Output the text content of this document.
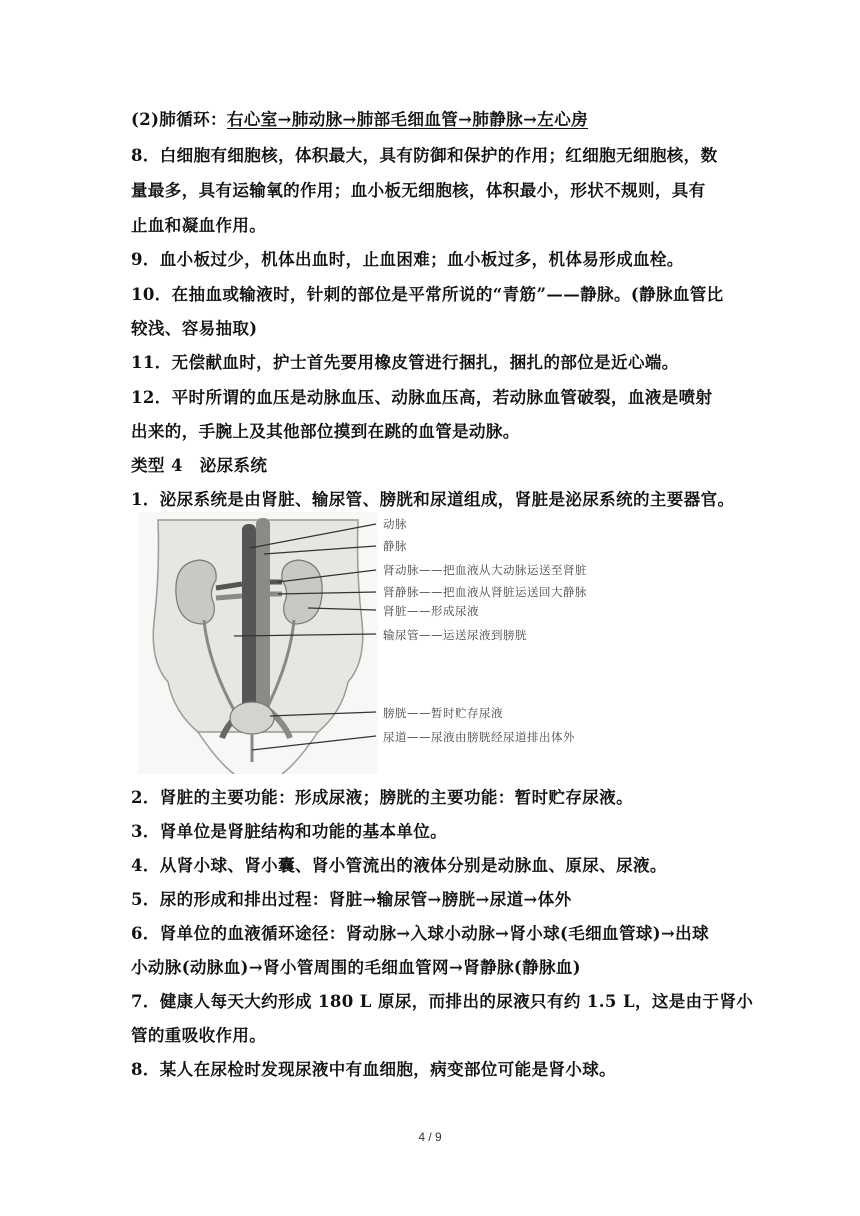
(2)肺循环：右心室→肺动脉→肺部毛细血管→肺静脉→左心房
8．白细胞有细胞核，体积最大，具有防御和保护的作用；红细胞无细胞核，数
量最多，具有运输氧的作用；血小板无细胞核，体积最小，形状不规则，具有
止血和凝血作用。
9．血小板过少，机体出血时，止血困难；血小板过多，机体易形成血栓。
10．在抽血或输液时，针刺的部位是平常所说的“青筋”——静脉。(静脉血管比
较浅、容易抽取)
11．无偿献血时，护士首先要用橡皮管进行捆扎，捆扎的部位是近心端。
12．平时所谓的血压是动脉血压、动脉血压高，若动脉血管破裂，血液是喷射
出来的，手腕上及其他部位摸到在跳的血管是动脉。
类型 4　泌尿系统
1．泌尿系统是由肾脏、输尿管、膀胱和尿道组成，肾脏是泌尿系统的主要器官。
动脉
静脉
肾动脉——把血液从大动脉运送至肾脏
肾静脉——把血液从肾脏运送回大静脉
肾脏——形成尿液
输尿管——运送尿液到膀胱
膀胱——暂时贮存尿液
尿道——尿液由膀胱经尿道排出体外
2．肾脏的主要功能：形成尿液；膀胱的主要功能：暂时贮存尿液。
3．肾单位是肾脏结构和功能的基本单位。
4．从肾小球、肾小囊、肾小管流出的液体分别是动脉血、原尿、尿液。
5．尿的形成和排出过程：肾脏→输尿管→膀胱→尿道→体外
6．肾单位的血液循环途径：肾动脉→入球小动脉→肾小球(毛细血管球)→出球
小动脉(动脉血)→肾小管周围的毛细血管网→肾静脉(静脉血)
7．健康人每天大约形成 180 L 原尿，而排出的尿液只有约 1.5 L，这是由于肾小
管的重吸收作用。
8．某人在尿检时发现尿液中有血细胞，病变部位可能是肾小球。
4 / 9
